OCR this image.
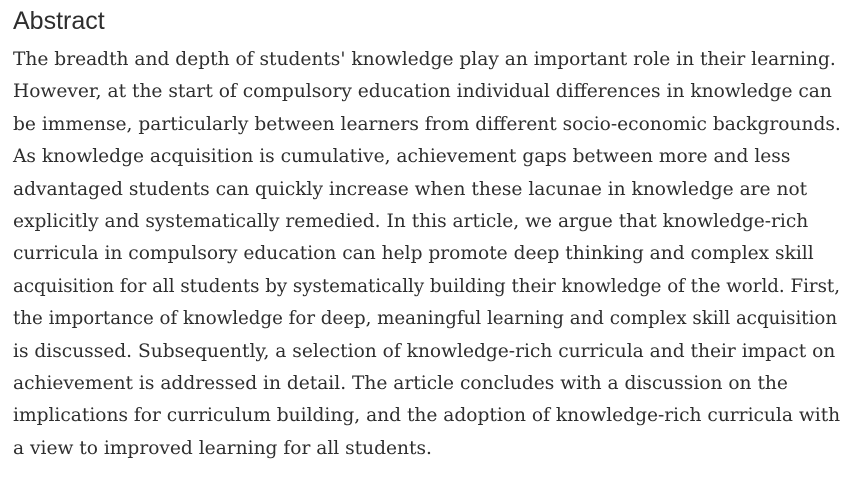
Abstract

The breadth and depth of students' knowledge play an important role in their learning.
However, at the start of compulsory education individual differences in knowledge can
be immense, particularly between learners from different socio-economic backgrounds.
As knowledge acquisition is cumulative, achievement gaps between more and less
advantaged students can quickly increase when these lacunae in knowledge are not
explicitly and systematically remedied. In this article, we argue that knowledge-rich
curricula in compulsory education can help promote deep thinking and complex skill
acquisition for all students by systematically building their knowledge of the world. First,
the importance of knowledge for deep, meaningful learning and complex skill acquisition
is discussed. Subsequently, a selection of knowledge-rich curricula and their impact on
achievement is addressed in detail. The article concludes with a discussion on the
implications for curriculum building, and the adoption of knowledge-rich curricula with
a view to improved learning for all students.
